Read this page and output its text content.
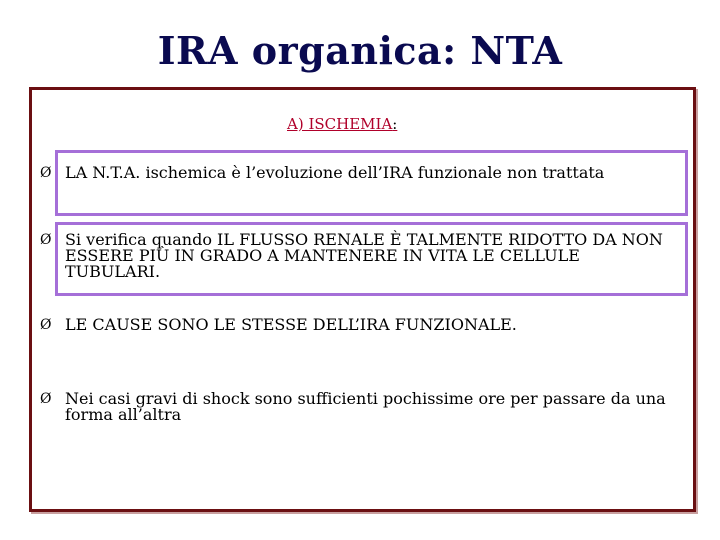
IRA organica: NTA
A) ISCHEMIA:
Ø LA N.T.A. ischemica è l’evoluzione dell’IRA funzionale non trattata
Ø Si verifica quando IL FLUSSO RENALE È TALMENTE RIDOTTO DA NON ESSERE PIÙ IN GRADO A MANTENERE IN VITA LE CELLULE TUBULARI.
Ø LE CAUSE SONO LE STESSE DELL’IRA FUNZIONALE.
Ø Nei casi gravi di shock sono sufficienti pochissime ore per passare da una forma all’altra
